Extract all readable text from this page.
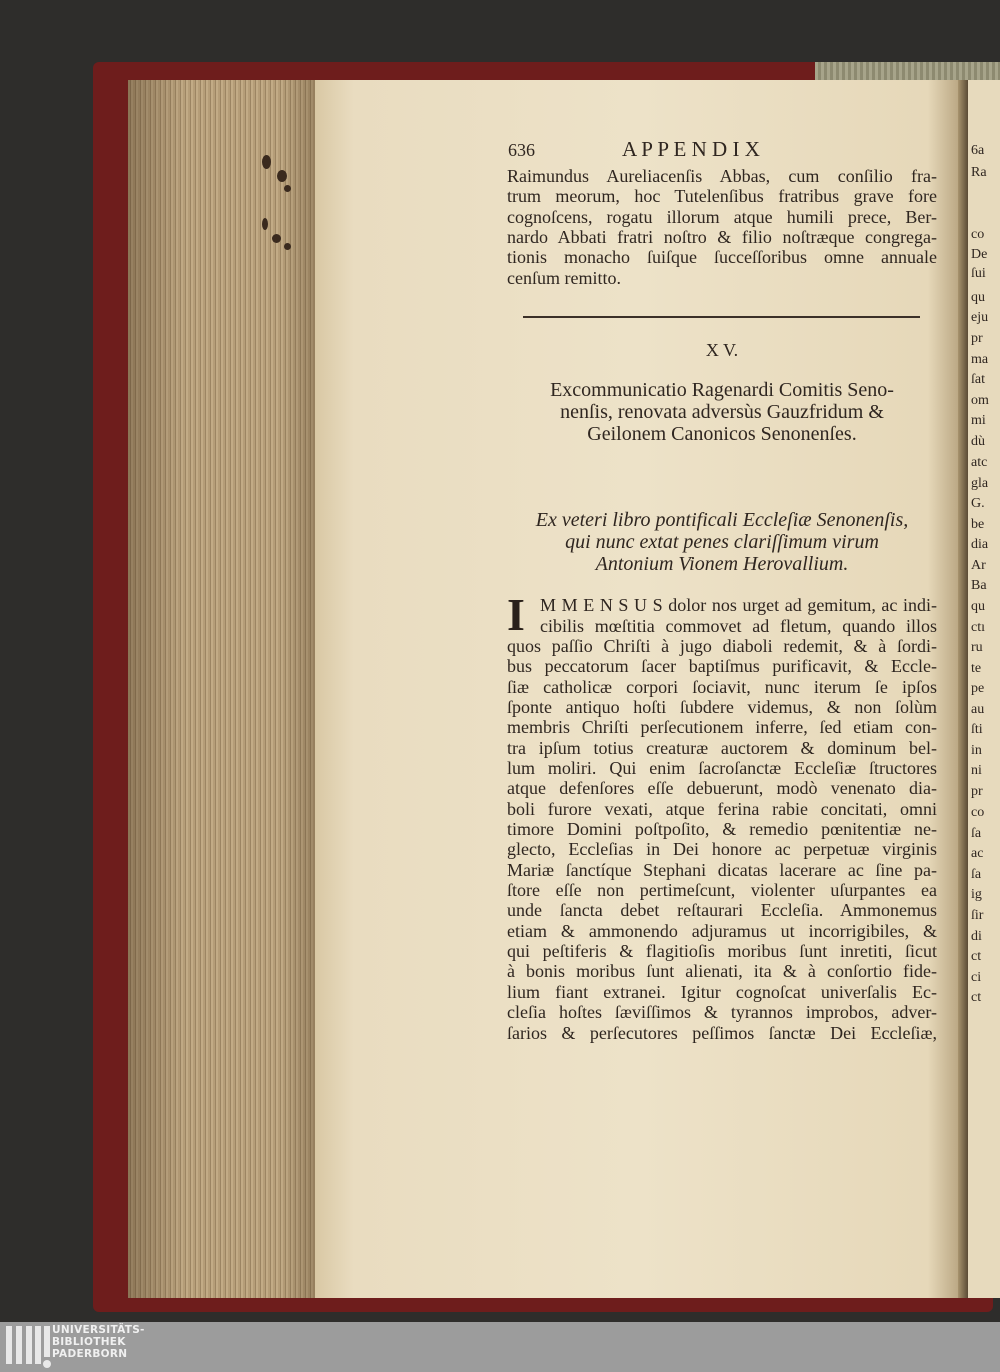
636	A P P E N D I X
Raimundus Aureliacenſis Abbas, cum conſilio fra-
trum meorum, hoc Tutelenſibus fratribus grave fore
cognoſcens, rogatu illorum atque humili prece, Ber-
nardo Abbati fratri noſtro & filio noſtræque congrega-
tionis monacho ſuiſque ſucceſſoribus omne annuale
cenſum remitto.
X V.
Excommunicatio Ragenardi Comitis Seno-
nenſis, renovata adversùs Gauzfridum &
Geilonem Canonicos Senonenſes.
Ex veteri libro pontificali Eccleſiæ Senonenſis,
qui nunc extat penes clariſſimum virum
Antonium Vionem Herovallium.
I M M E N S U S dolor nos urget ad gemitum, ac indi-
cibilis mœſtitia commovet ad fletum, quando illos
quos paſſio Chriſti à jugo diaboli redemit, & à ſordi-
bus peccatorum ſacer baptiſmus purificavit, & Eccle-
ſiæ catholicæ corpori ſociavit, nunc iterum ſe ipſos
ſponte antiquo hoſti ſubdere videmus, & non ſolùm
membris Chriſti perſecutionem inferre, ſed etiam con-
tra ipſum totius creaturæ auctorem & dominum bel-
lum moliri. Qui enim ſacroſanctæ Eccleſiæ ſtructores
atque defenſores eſſe debuerunt, modò venenato dia-
boli furore vexati, atque ferina rabie concitati, omni
timore Domini poſtpoſito, & remedio pœnitentiæ ne-
glecto, Eccleſias in Dei honore ac perpetuæ virginis
Mariæ ſanctíque Stephani dicatas lacerare ac ſine pa-
ſtore eſſe non pertimeſcunt, violenter uſurpantes ea
unde ſancta debet reſtaurari Eccleſia. Ammonemus
etiam & ammonendo adjuramus ut incorrigibiles, &
qui peſtiferis & flagitioſis moribus ſunt inretiti, ſicut
à bonis moribus ſunt alienati, ita & à conſortio fide-
lium fiant extranei. Igitur cognoſcat univerſalis Ec-
cleſia hoſtes ſæviſſimos & tyrannos improbos, adver-
ſarios & perſecutores peſſimos ſanctæ Dei Eccleſiæ,
6a
Ra
co
De
ſui
qu
eju
pr
ma
ſat
om
mi
dù
atc
gla
G.
be
dia
Ar
Ba
qu
ctı
ru
te
pe
au
ſti
in
ni
pr
co
ſa
ac
ſa
ig
ſir
di
ct
ci
ct
UNIVERSITÄTS-
BIBLIOTHEK
PADERBORN
